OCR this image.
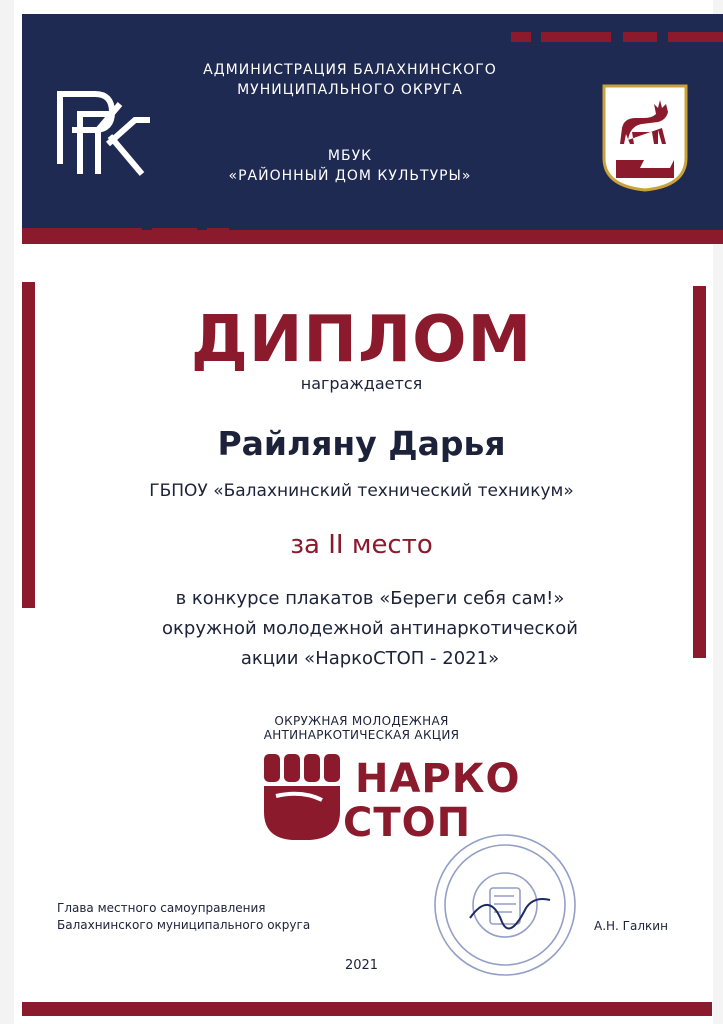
АДМИНИСТРАЦИЯ БАЛАХНИНСКОГО
МУНИЦИПАЛЬНОГО ОКРУГА
МБУК
«РАЙОННЫЙ ДОМ КУЛЬТУРЫ»
ДИПЛОМ
награждается
Райляну Дарья
ГБПОУ «Балахнинский технический техникум»
за II место
в конкурсе плакатов «Береги себя сам!»
окружной молодежной антинаркотической
акции «НаркоСТОП - 2021»
ОКРУЖНАЯ МОЛОДЕЖНАЯ
АНТИНАРКОТИЧЕСКАЯ АКЦИЯ
НАРКО
СТОП
Глава местного самоуправления
Балахнинского муниципального округа	А.Н. Галкин
2021
